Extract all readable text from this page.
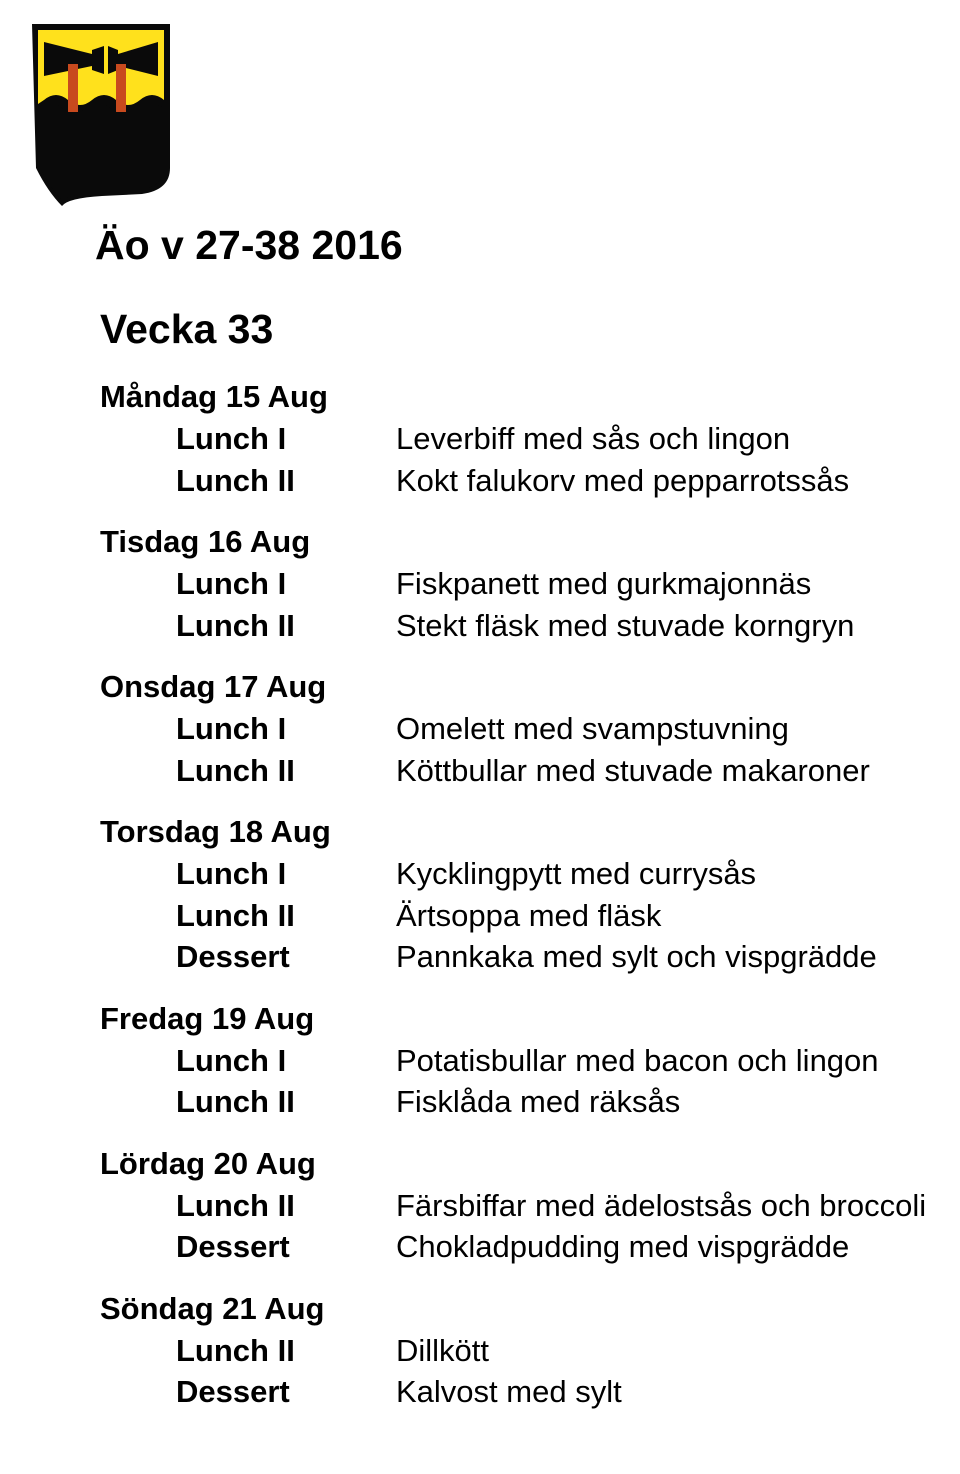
Äo v 27-38 2016
Vecka 33
Måndag 15 Aug
Lunch I	Leverbiff med sås och lingon
Lunch II	Kokt falukorv med pepparrotssås
Tisdag 16 Aug
Lunch I	Fiskpanett med gurkmajonnäs
Lunch II	Stekt fläsk med stuvade korngryn
Onsdag 17 Aug
Lunch I	Omelett med svampstuvning
Lunch II	Köttbullar med stuvade makaroner
Torsdag 18 Aug
Lunch I	Kycklingpytt med currysås
Lunch II	Ärtsoppa med fläsk
Dessert	Pannkaka med sylt och vispgrädde
Fredag 19 Aug
Lunch I	Potatisbullar med bacon och lingon
Lunch II	Fisklåda med räksås
Lördag 20 Aug
Lunch II	Färsbiffar med ädelostsås och broccoli
Dessert	Chokladpudding med vispgrädde
Söndag 21 Aug
Lunch II	Dillkött
Dessert	Kalvost med sylt
